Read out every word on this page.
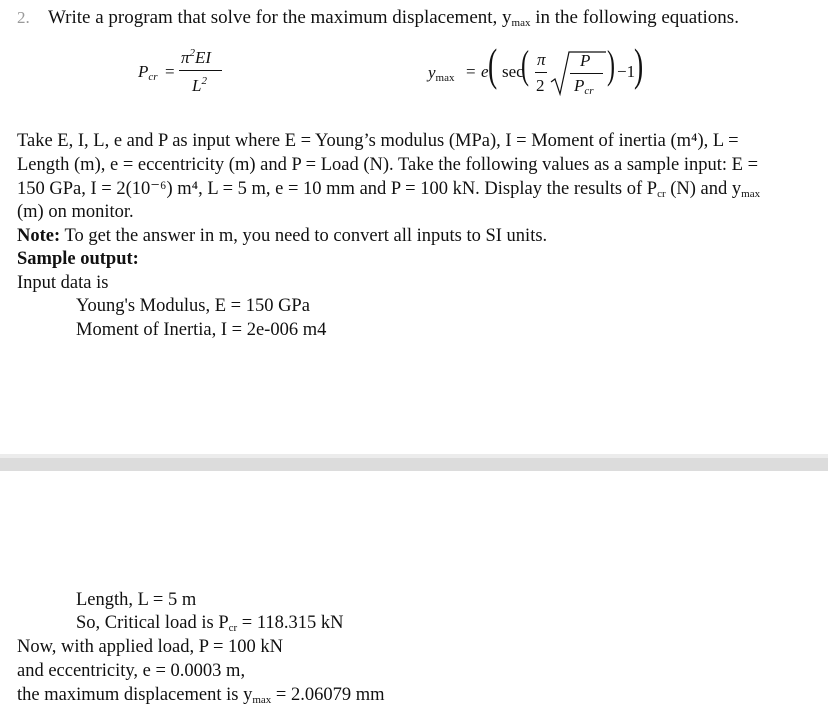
2. Write a program that solve for the maximum displacement, $y_{max}$ in the following equations.
$P_{cr}$ =
$\pi^2EI$
$L^2$	$y_{max} = e$ ( sec
( π
2
P
$P_{cr}$
) −1
)
Take E, I, L, e and P as input where E = Young’s modulus (MPa), I = Moment of inertia (m⁴), L =
Length (m), e = eccentricity (m) and P = Load (N). Take the following values as a sample input: E =
150 GPa, I = 2(10⁻⁶) m⁴, L = 5 m, e = 10 mm and P = 100 kN. Display the results of $P_{cr}$ (N) and $y_{max}$
(m) on monitor.
Note: To get the answer in m, you need to convert all inputs to SI units.
Sample output:
Input data is
Young's Modulus, E = 150 GPa
Moment of Inertia, I = 2e-006 m4
Length, L = 5 m
So, Critical load is $P_{cr} = 118.315$ kN
Now, with applied load, P = 100 kN
and eccentricity, e = 0.0003 m,
the maximum displacement is $y_{max} = 2.06079$ mm
